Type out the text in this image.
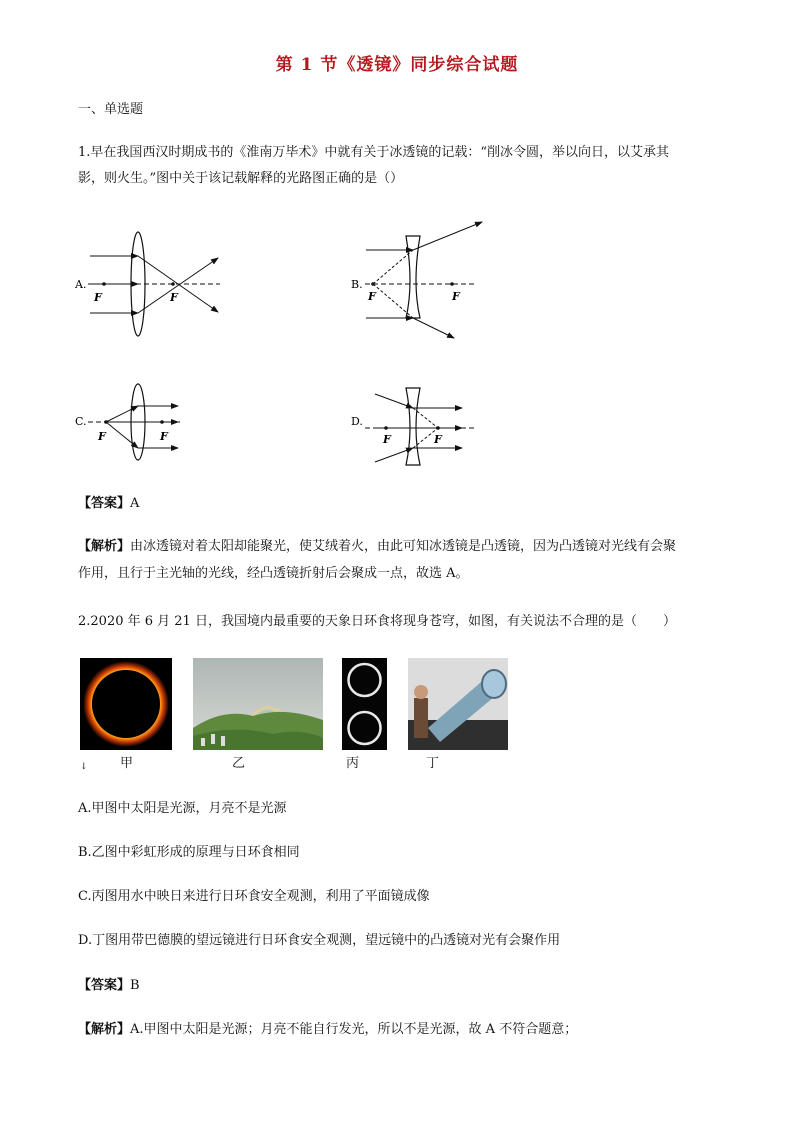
第 1 节《透镜》同步综合试题
一、单选题
1.早在我国西汉时期成书的《淮南万毕术》中就有关于冰透镜的记载：“削冰令圆，举以向日，以艾承其
影，则火生。”图中关于该记载解释的光路图正确的是（）
A.
F	F
B.
F	F
C.
F	F
D.
F	F
【答案】A
【解析】由冰透镜对着太阳却能聚光，使艾绒着火，由此可知冰透镜是凸透镜，因为凸透镜对光线有会聚
作用，且行于主光轴的光线，经凸透镜折射后会聚成一点，故选 A。
2.2020 年 6 月 21 日，我国境内最重要的天象日环食将现身苍穹，如图，有关说法不合理的是（　　）
↓ 甲	乙	丙	丁
A.甲图中太阳是光源，月亮不是光源
B.乙图中彩虹形成的原理与日环食相同
C.丙图用水中映日来进行日环食安全观测，利用了平面镜成像
D.丁图用带巴德膜的望远镜进行日环食安全观测，望远镜中的凸透镜对光有会聚作用
【答案】B
【解析】A.甲图中太阳是光源；月亮不能自行发光，所以不是光源，故 A 不符合题意；
